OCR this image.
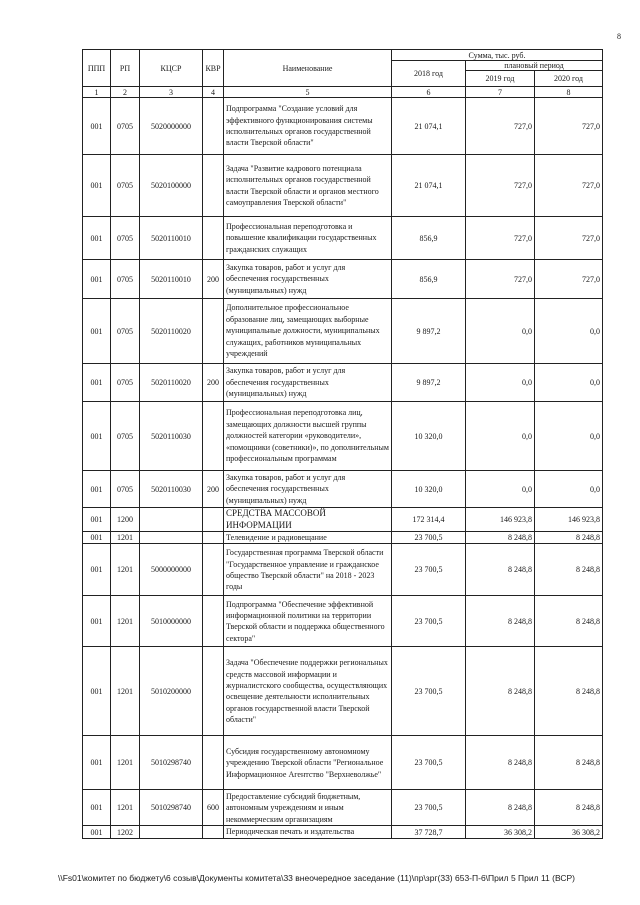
8
ППП	РП	КЦСР	КВР	Наименование	Сумма, тыс. руб.		
					2018 год	плановый период	
						2019 год	2020 год
1	2	3	4	5	6	7	8
001	0705	5020000000		Подпрограмма "Создание условий для эффективного функционирования системы исполнительных органов государственной власти Тверской области"	21 074,1	727,0	727,0
001	0705	5020100000		Задача "Развитие кадрового потенциала исполнительных органов государственной власти Тверской области и органов местного самоуправления Тверской области"	21 074,1	727,0	727,0
001	0705	5020110010		Профессиональная переподготовка и повышение квалификации государственных гражданских служащих	856,9	727,0	727,0
001	0705	5020110010	200	Закупка товаров, работ и услуг для обеспечения государственных (муниципальных) нужд	856,9	727,0	727,0
001	0705	5020110020		Дополнительное профессиональное образование лиц, замещающих выборные муниципальные должности, муниципальных служащих, работников муниципальных учреждений	9 897,2	0,0	0,0
001	0705	5020110020	200	Закупка товаров, работ и услуг для обеспечения государственных (муниципальных) нужд	9 897,2	0,0	0,0
001	0705	5020110030		Профессиональная переподготовка лиц, замещающих должности высшей группы должностей категории «руководители», «помощники (советники)», по дополнительным профессиональным программам	10 320,0	0,0	0,0
001	0705	5020110030	200	Закупка товаров, работ и услуг для обеспечения государственных (муниципальных) нужд	10 320,0	0,0	0,0
001	1200			СРЕДСТВА МАССОВОЙ ИНФОРМАЦИИ	172 314,4	146 923,8	146 923,8
001	1201			Телевидение и радиовещание	23 700,5	8 248,8	8 248,8
001	1201	5000000000		Государственная программа Тверской области "Государственное управление и гражданское общество Тверской области" на 2018 - 2023 годы	23 700,5	8 248,8	8 248,8
001	1201	5010000000		Подпрограмма "Обеспечение эффективной информационной политики на территории Тверской области и поддержка общественного сектора"	23 700,5	8 248,8	8 248,8
001	1201	5010200000		Задача "Обеспечение поддержки региональных средств массовой информации и журналистского сообщества, осуществляющих освещение деятельности исполнительных органов государственной власти Тверской области"	23 700,5	8 248,8	8 248,8
001	1201	5010298740		Субсидия государственному автономному учреждению Тверской области "Региональное Информационное Агентство "Верхневолжье"	23 700,5	8 248,8	8 248,8
001	1201	5010298740	600	Предоставление субсидий бюджетным, автономным учреждениям и иным некоммерческим организациям	23 700,5	8 248,8	8 248,8
001	1202			Периодическая печать и издательства	37 728,7	36 308,2	36 308,2
\\Fs01\комитет по бюджету\6 созыв\Документы комитета\33 внеочередное заседание (11)\пр\зрг(33) 653-П-6\Прил 5 Прил 11 (ВСР)
